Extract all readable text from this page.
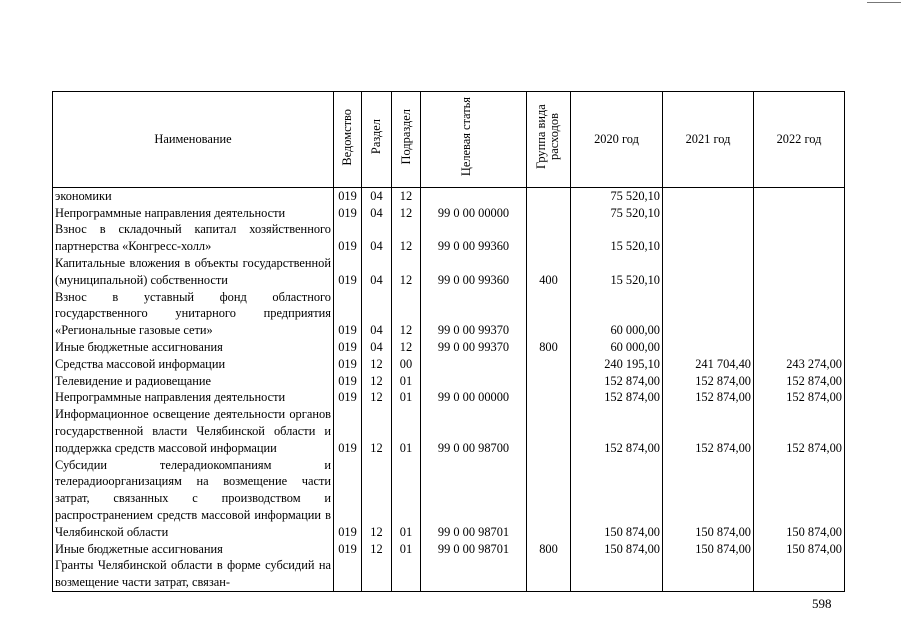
Наименование	Ведомство	Раздел	Подраздел	Целевая статья	Группа вида расходов	2020 год	2021 год	2022 год
экономики	019	04	12			75 520,10		
Непрограммные направления деятельности	019	04	12	99 0 00 00000		75 520,10		
Взнос в складочный капитал хозяйственного партнерства «Конгресс-холл»	019	04	12	99 0 00 99360		15 520,10		
Капитальные вложения в объекты государственной (муниципальной) собственности	019	04	12	99 0 00 99360	400	15 520,10		
Взнос в уставный фонд областного государственного унитарного предприятия «Региональные газовые сети»	019	04	12	99 0 00 99370		60 000,00		
Иные бюджетные ассигнования	019	04	12	99 0 00 99370	800	60 000,00		
Средства массовой информации	019	12	00			240 195,10	241 704,40	243 274,00
Телевидение и радиовещание	019	12	01			152 874,00	152 874,00	152 874,00
Непрограммные направления деятельности	019	12	01	99 0 00 00000		152 874,00	152 874,00	152 874,00
Информационное освещение деятельности органов государственной власти Челябинской области и поддержка средств массовой информации	019	12	01	99 0 00 98700		152 874,00	152 874,00	152 874,00
Субсидии телерадиокомпаниям и телерадиоорганизациям на возмещение части затрат, связанных с производством и распространением средств массовой информации в Челябинской области	019	12	01	99 0 00 98701		150 874,00	150 874,00	150 874,00
Иные бюджетные ассигнования	019	12	01	99 0 00 98701	800	150 874,00	150 874,00	150 874,00
Гранты Челябинской области в форме субсидий на возмещение части затрат, связан-								
598
